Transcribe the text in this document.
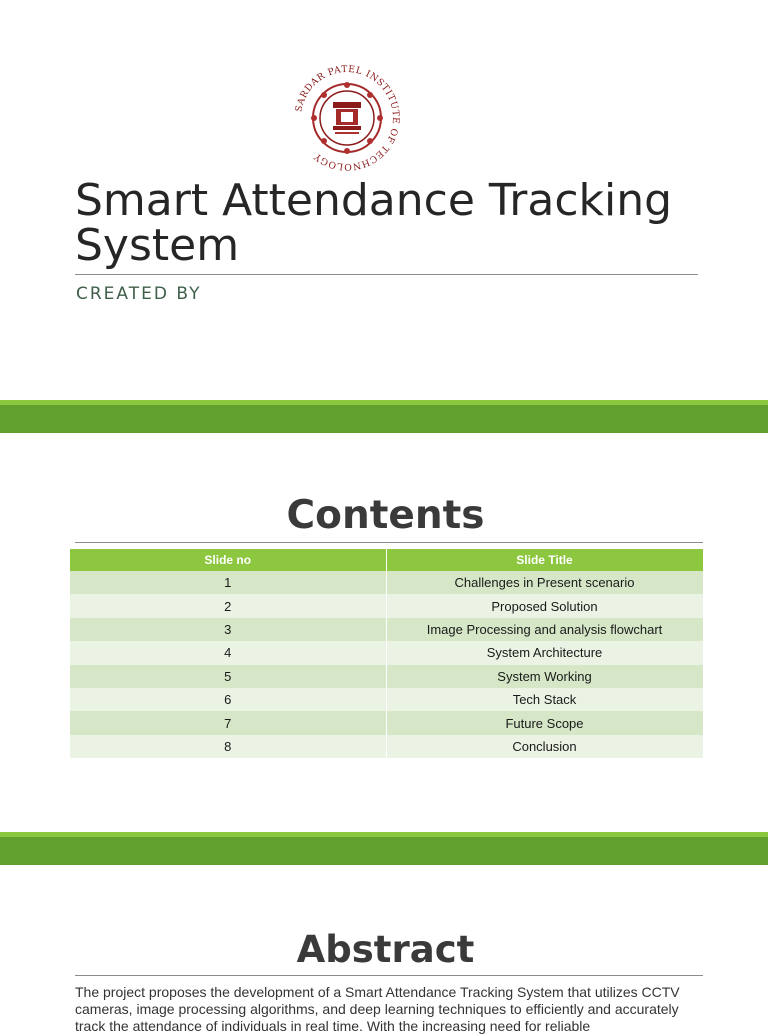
SARDAR PATEL INSTITUTE OF TECHNOLOGY
Smart Attendance Tracking
System
CREATED BY
Contents
Slide no	Slide Title
1	Challenges in Present scenario
2	Proposed Solution
3	Image Processing and analysis flowchart
4	System Architecture
5	System Working
6	Tech Stack
7	Future Scope
8	Conclusion
Abstract
The project proposes the development of a Smart Attendance Tracking System that utilizes CCTV cameras, image processing algorithms, and deep learning techniques to efficiently and accurately track the attendance of individuals in real time. With the increasing need for reliable
